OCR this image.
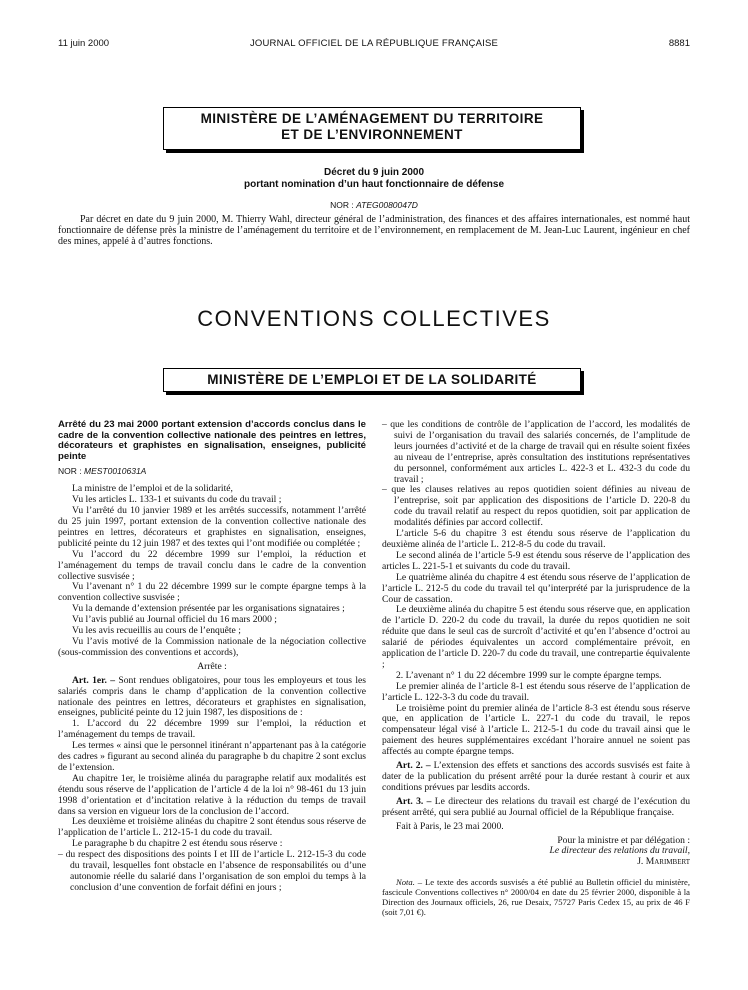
11 juin 2000	JOURNAL OFFICIEL DE LA RÉPUBLIQUE FRANÇAISE	8881
MINISTÈRE DE L’AMÉNAGEMENT DU TERRITOIRE
ET DE L’ENVIRONNEMENT
Décret du 9 juin 2000
portant nomination d’un haut fonctionnaire de défense
NOR : ATEG0080047D

Par décret en date du 9 juin 2000, M. Thierry Wahl, directeur général de l’administration, des finances et des affaires internationales, est nommé haut fonctionnaire de défense près la ministre de l’aménagement du territoire et de l’environnement, en remplacement de M. Jean-Luc Laurent, ingénieur en chef des mines, appelé à d’autres fonctions.

CONVENTIONS COLLECTIVES
MINISTÈRE DE L’EMPLOI ET DE LA SOLIDARITÉ

Arrêté du 23 mai 2000 portant extension d’accords conclus dans le cadre de la convention collective nationale des peintres en lettres, décorateurs et graphistes en signalisation, enseignes, publicité peinte

NOR : MEST0010631A

La ministre de l’emploi et de la solidarité,

Vu les articles L. 133-1 et suivants du code du travail ;

Vu l’arrêté du 10 janvier 1989 et les arrêtés successifs, notamment l’arrêté du 25 juin 1997, portant extension de la convention collective nationale des peintres en lettres, décorateurs et graphistes en signalisation, enseignes, publicité peinte du 12 juin 1987 et des textes qui l’ont modifiée ou complétée ;

Vu l’accord du 22 décembre 1999 sur l’emploi, la réduction et l’aménagement du temps de travail conclu dans le cadre de la convention collective susvisée ;

Vu l’avenant n° 1 du 22 décembre 1999 sur le compte épargne temps à la convention collective susvisée ;

Vu la demande d’extension présentée par les organisations signataires ;

Vu l’avis publié au Journal officiel du 16 mars 2000 ;

Vu les avis recueillis au cours de l’enquête ;

Vu l’avis motivé de la Commission nationale de la négociation collective (sous-commission des conventions et accords),

Arrête :

Art. 1er. – Sont rendues obligatoires, pour tous les employeurs et tous les salariés compris dans le champ d’application de la convention collective nationale des peintres en lettres, décorateurs et graphistes en signalisation, enseignes, publicité peinte du 12 juin 1987, les dispositions de :

1. L’accord du 22 décembre 1999 sur l’emploi, la réduction et l’aménagement du temps de travail.

Les termes « ainsi que le personnel itinérant n’appartenant pas à la catégorie des cadres » figurant au second alinéa du paragraphe b du chapitre 2 sont exclus de l’extension.

Au chapitre 1er, le troisième alinéa du paragraphe relatif aux modalités est étendu sous réserve de l’application de l’article 4 de la loi n° 98-461 du 13 juin 1998 d’orientation et d’incitation relative à la réduction du temps de travail dans sa version en vigueur lors de la conclusion de l’accord.

Les deuxième et troisième alinéas du chapitre 2 sont étendus sous réserve de l’application de l’article L. 212-15-1 du code du travail.

Le paragraphe b du chapitre 2 est étendu sous réserve :

– du respect des dispositions des points I et III de l’article L. 212-15-3 du code du travail, lesquelles font obstacle en l’absence de responsabilités ou d’une autonomie réelle du salarié dans l’organisation de son emploi du temps à la conclusion d’une convention de forfait défini en jours ;

– que les conditions de contrôle de l’application de l’accord, les modalités de suivi de l’organisation du travail des salariés concernés, de l’amplitude de leurs journées d’activité et de la charge de travail qui en résulte soient fixées au niveau de l’entreprise, après consultation des institutions représentatives du personnel, conformément aux articles L. 422-3 et L. 432-3 du code du travail ;

– que les clauses relatives au repos quotidien soient définies au niveau de l’entreprise, soit par application des dispositions de l’article D. 220-8 du code du travail relatif au respect du repos quotidien, soit par application de modalités définies par accord collectif.

L’article 5-6 du chapitre 3 est étendu sous réserve de l’application du deuxième alinéa de l’article L. 212-8-5 du code du travail.

Le second alinéa de l’article 5-9 est étendu sous réserve de l’application des articles L. 221-5-1 et suivants du code du travail.

Le quatrième alinéa du chapitre 4 est étendu sous réserve de l’application de l’article L. 212-5 du code du travail tel qu’interprété par la jurisprudence de la Cour de cassation.

Le deuxième alinéa du chapitre 5 est étendu sous réserve que, en application de l’article D. 220-2 du code du travail, la durée du repos quotidien ne soit réduite que dans le seul cas de surcroît d’activité et qu’en l’absence d’octroi au salarié de périodes équivalentes un accord complémentaire prévoit, en application de l’article D. 220-7 du code du travail, une contrepartie équivalente ;

2. L’avenant n° 1 du 22 décembre 1999 sur le compte épargne temps.

Le premier alinéa de l’article 8-1 est étendu sous réserve de l’application de l’article L. 122-3-3 du code du travail.

Le troisième point du premier alinéa de l’article 8-3 est étendu sous réserve que, en application de l’article L. 227-1 du code du travail, le repos compensateur légal visé à l’article L. 212-5-1 du code du travail ainsi que le paiement des heures supplémentaires excédant l’horaire annuel ne soient pas affectés au compte épargne temps.

Art. 2. – L’extension des effets et sanctions des accords susvisés est faite à dater de la publication du présent arrêté pour la durée restant à courir et aux conditions prévues par lesdits accords.

Art. 3. – Le directeur des relations du travail est chargé de l’exécution du présent arrêté, qui sera publié au Journal officiel de la République française.

Fait à Paris, le 23 mai 2000.

Pour la ministre et par délégation :

Le directeur des relations du travail,

J. Marimbert

Nota. – Le texte des accords susvisés a été publié au Bulletin officiel du ministère, fascicule Conventions collectives n° 2000/04 en date du 25 février 2000, disponible à la Direction des Journaux officiels, 26, rue Desaix, 75727 Paris Cedex 15, au prix de 46 F (soit 7,01 €).
